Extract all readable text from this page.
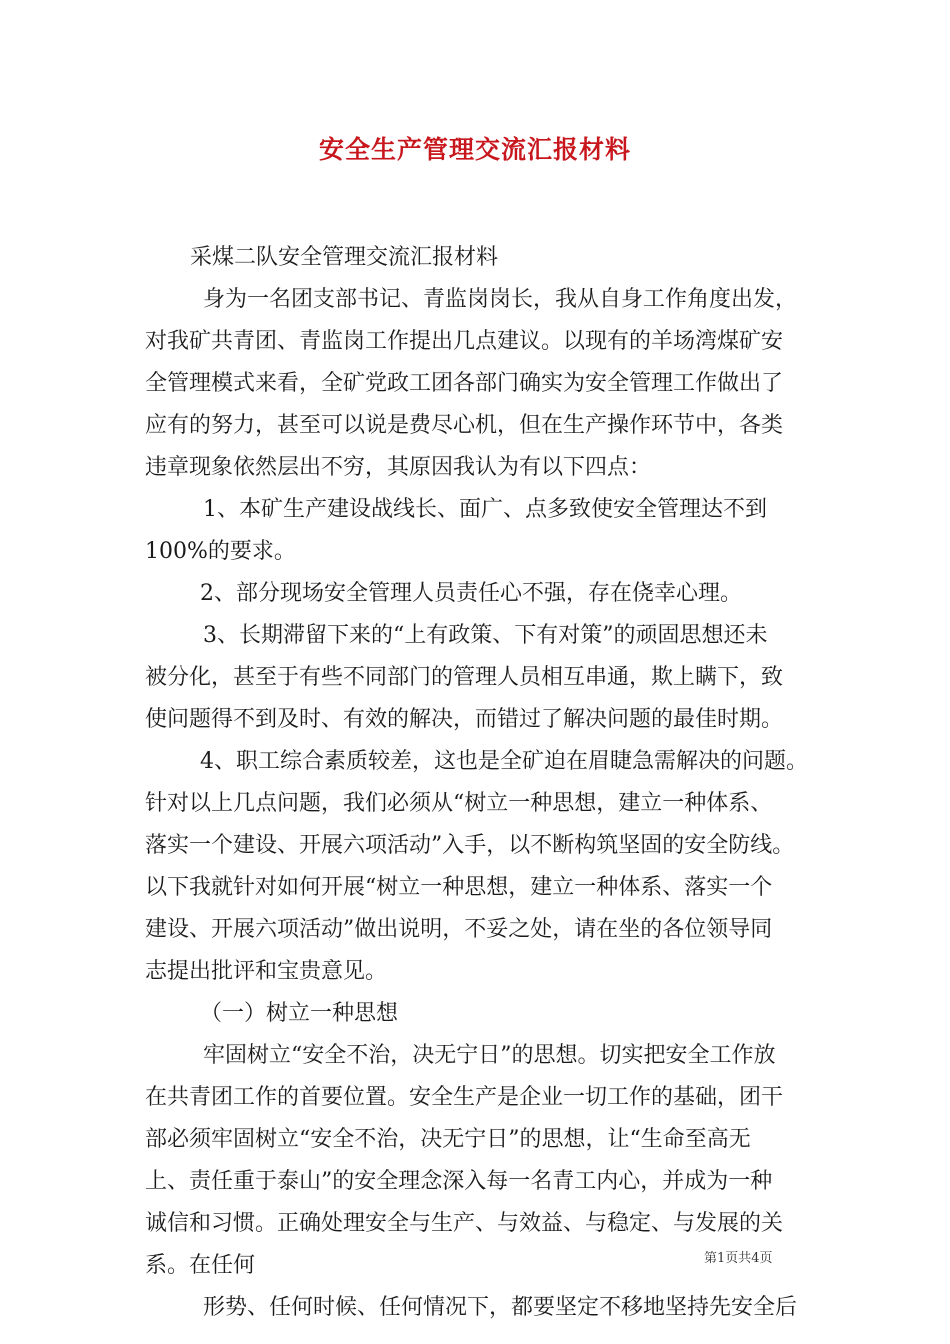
安全生产管理交流汇报材料
采煤二队安全管理交流汇报材料
身为一名团支部书记、青监岗岗长，我从自身工作角度出发，
对我矿共青团、青监岗工作提出几点建议。以现有的羊场湾煤矿安
全管理模式来看，全矿党政工团各部门确实为安全管理工作做出了
应有的努力，甚至可以说是费尽心机，但在生产操作环节中，各类
违章现象依然层出不穷，其原因我认为有以下四点：
1、本矿生产建设战线长、面广、点多致使安全管理达不到
100%的要求。
2、部分现场安全管理人员责任心不强，存在侥幸心理。
3、长期滞留下来的“上有政策、下有对策”的顽固思想还未
被分化，甚至于有些不同部门的管理人员相互串通，欺上瞒下，致
使问题得不到及时、有效的解决，而错过了解决问题的最佳时期。
4、职工综合素质较差，这也是全矿迫在眉睫急需解决的问题。
针对以上几点问题，我们必须从“树立一种思想，建立一种体系、
落实一个建设、开展六项活动”入手，以不断构筑坚固的安全防线。
以下我就针对如何开展“树立一种思想，建立一种体系、落实一个
建设、开展六项活动”做出说明，不妥之处，请在坐的各位领导同
志提出批评和宝贵意见。
（一）树立一种思想
牢固树立“安全不治，决无宁日”的思想。切实把安全工作放
在共青团工作的首要位置。安全生产是企业一切工作的基础，团干
部必须牢固树立“安全不治，决无宁日”的思想，让“生命至高无
上、责任重于泰山”的安全理念深入每一名青工内心，并成为一种
诚信和习惯。正确处理安全与生产、与效益、与稳定、与发展的关
系。在任何
形势、任何时候、任何情况下，都要坚定不移地坚持先安全后
第1页共4页
